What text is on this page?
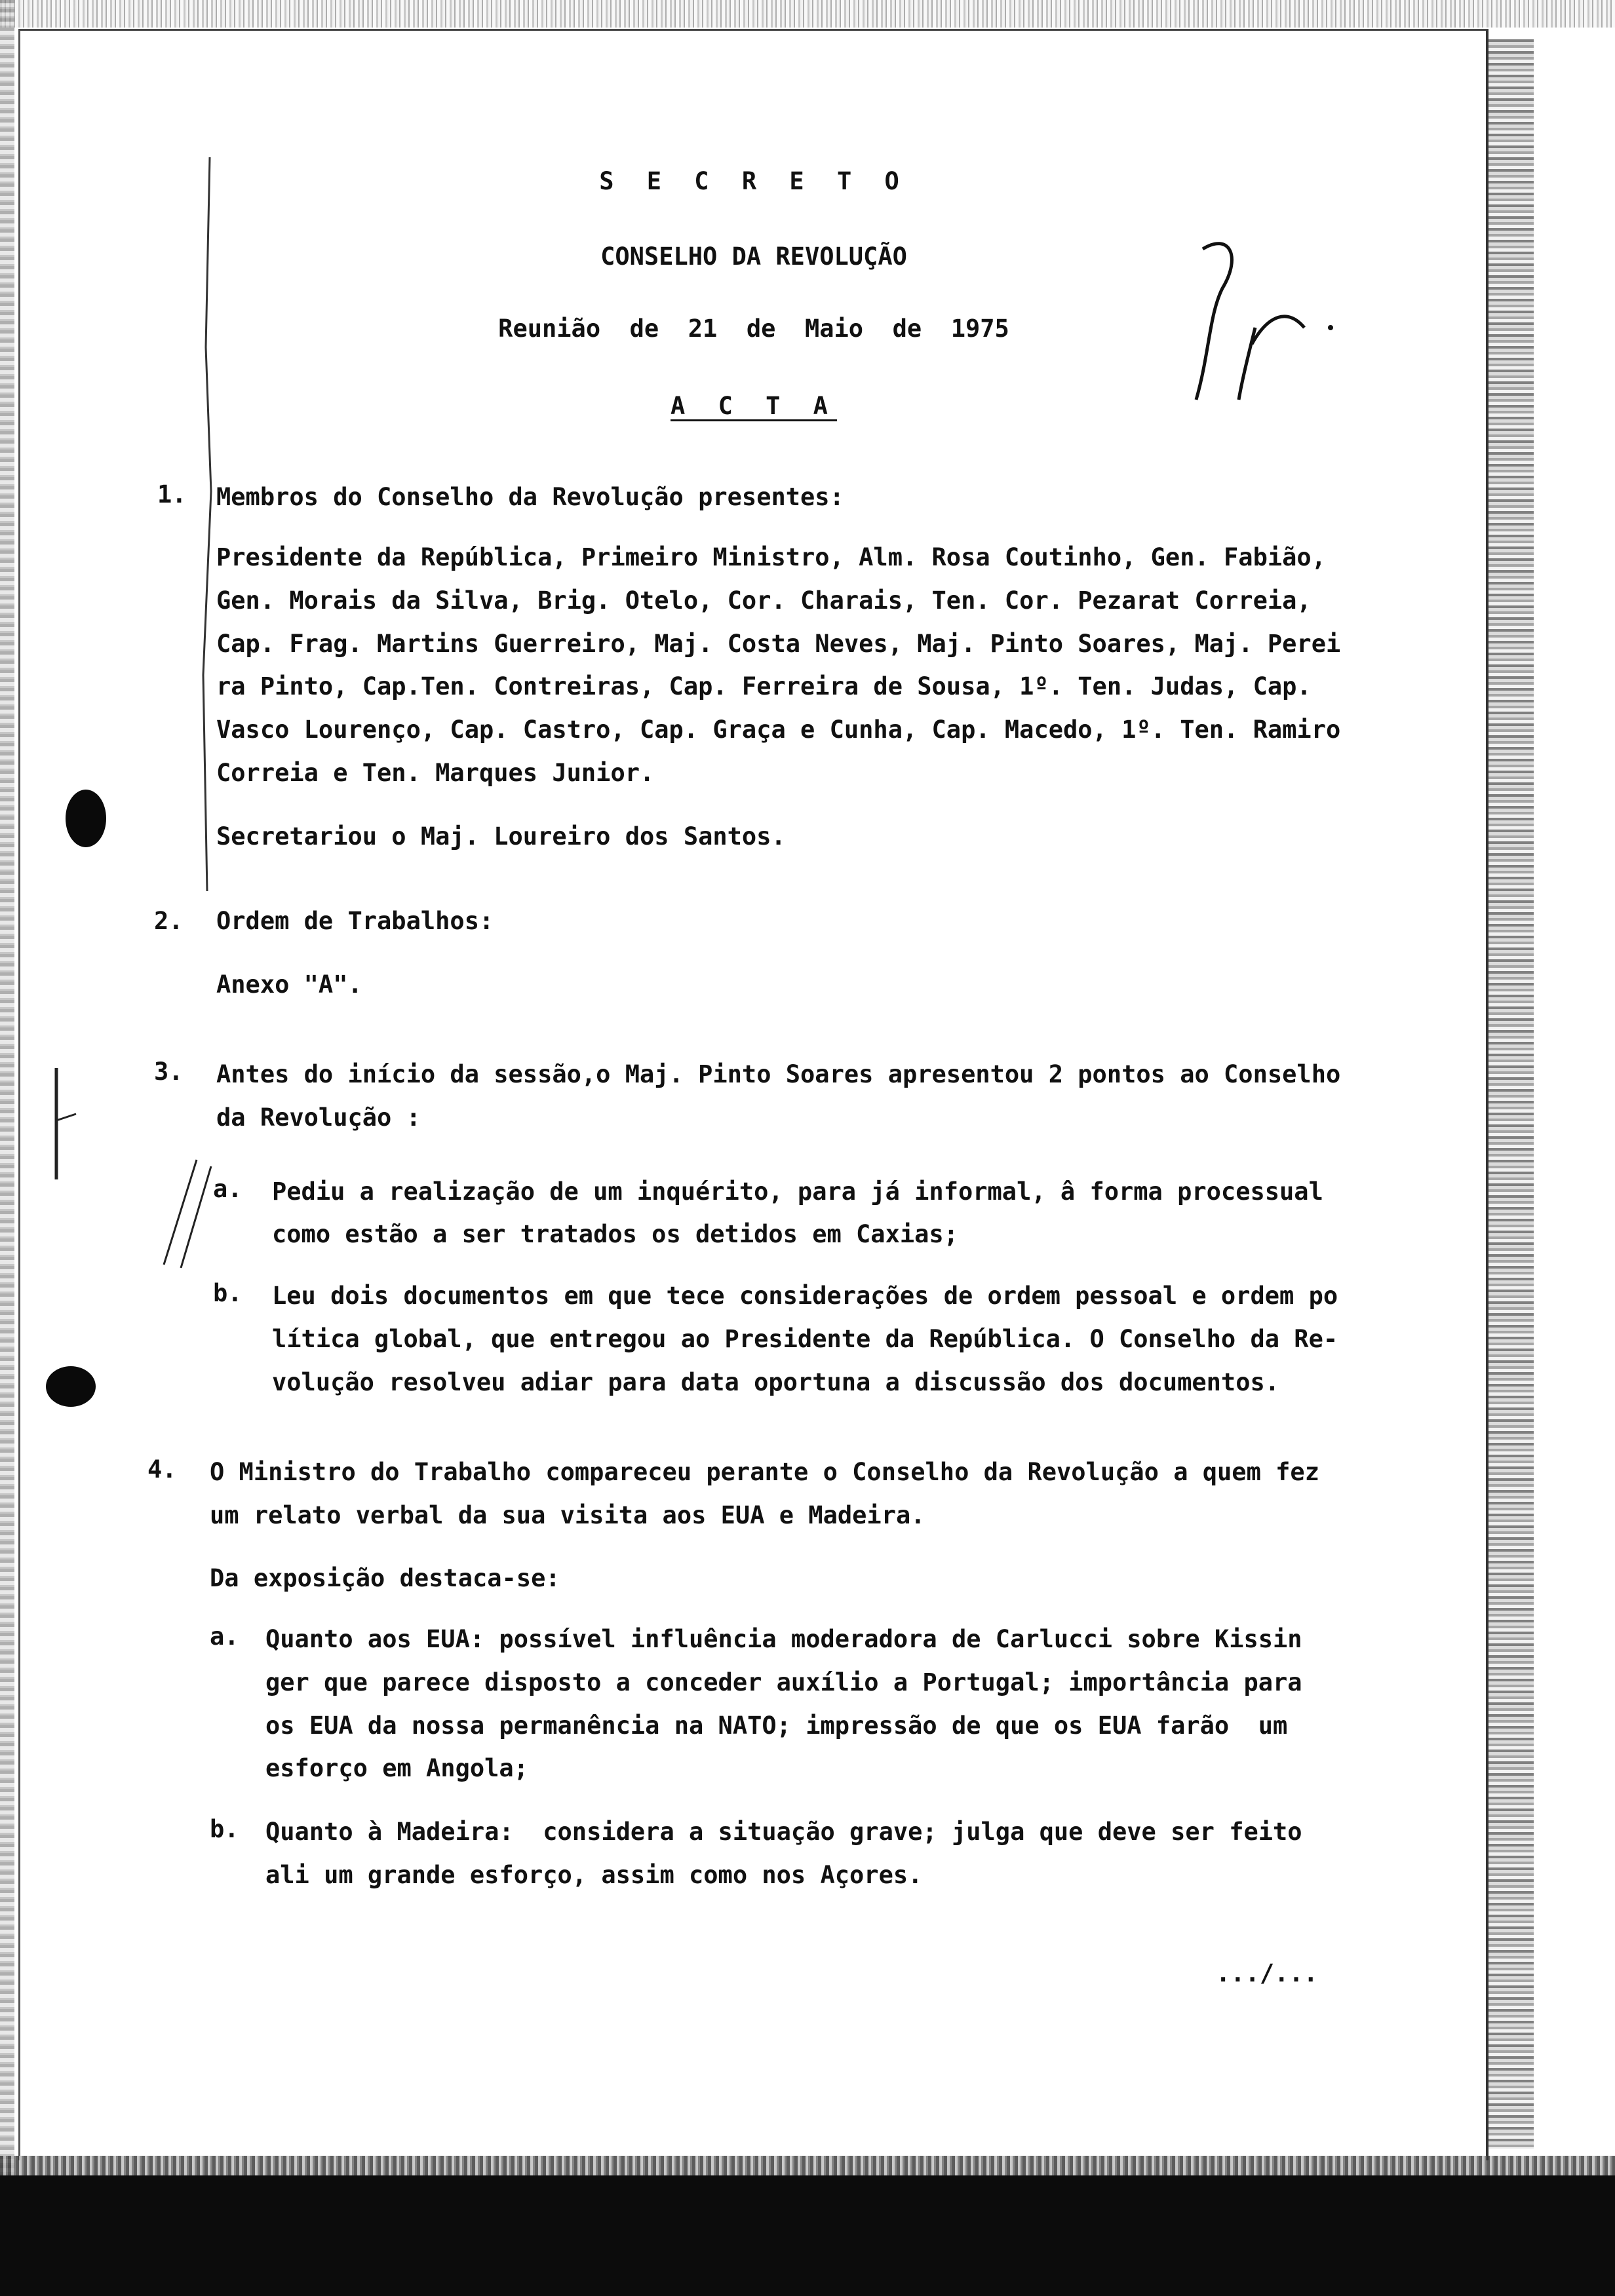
S E C R E T O
CONSELHO DA REVOLUÇÃO
Reunião  de  21  de  Maio  de  1975
A C T A
1. Membros do Conselho da Revolução presentes:
Presidente da República, Primeiro Ministro, Alm. Rosa Coutinho, Gen. Fabião,
Gen. Morais da Silva, Brig. Otelo, Cor. Charais, Ten. Cor. Pezarat Correia,
Cap. Frag. Martins Guerreiro, Maj. Costa Neves, Maj. Pinto Soares, Maj. Perei
ra Pinto, Cap.Ten. Contreiras, Cap. Ferreira de Sousa, 1º. Ten. Judas, Cap.
Vasco Lourenço, Cap. Castro, Cap. Graça e Cunha, Cap. Macedo, 1º. Ten. Ramiro
Correia e Ten. Marques Junior.
Secretariou o Maj. Loureiro dos Santos.
2. Ordem de Trabalhos:
Anexo "A".
3. Antes do início da sessão,o Maj. Pinto Soares apresentou 2 pontos ao Conselho
da Revolução :
a. Pediu a realização de um inquérito, para já informal, â forma processual
como estão a ser tratados os detidos em Caxias;
b. Leu dois documentos em que tece considerações de ordem pessoal e ordem po
lítica global, que entregou ao Presidente da República. O Conselho da Re-
volução resolveu adiar para data oportuna a discussão dos documentos.
4. O Ministro do Trabalho compareceu perante o Conselho da Revolução a quem fez
um relato verbal da sua visita aos EUA e Madeira.
Da exposição destaca-se:
a. Quanto aos EUA: possível influência moderadora de Carlucci sobre Kissin
ger que parece disposto a conceder auxílio a Portugal; importância para
os EUA da nossa permanência na NATO; impressão de que os EUA farão  um
esforço em Angola;
b. Quanto à Madeira:  considera a situação grave; julga que deve ser feito
ali um grande esforço, assim como nos Açores.
.../...
